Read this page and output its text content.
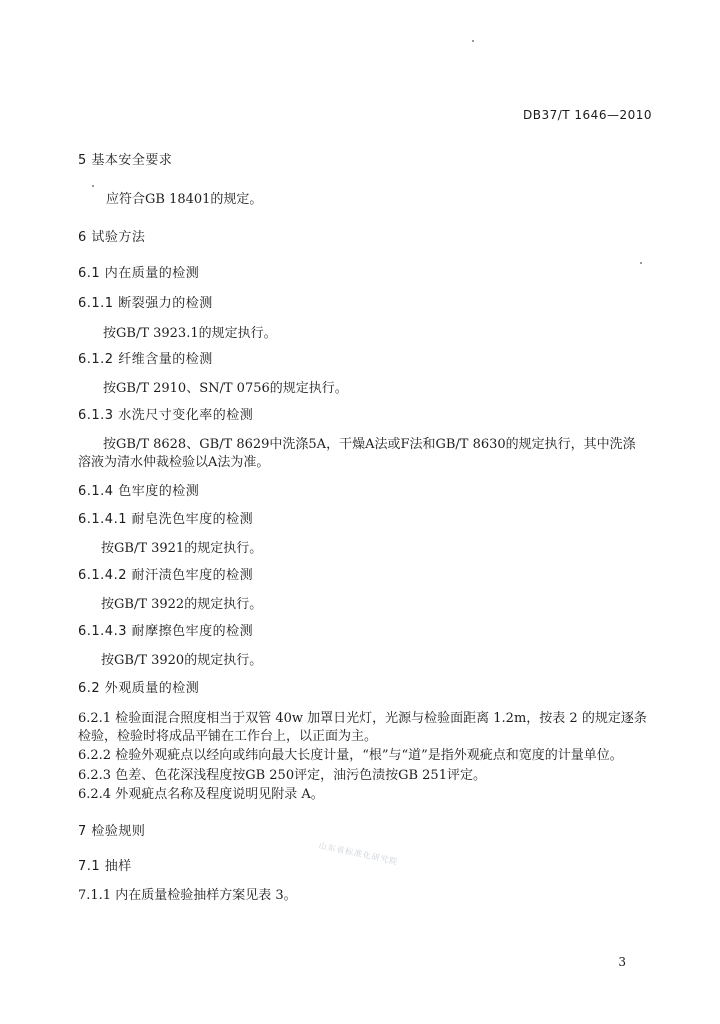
DB37/T 1646—2010
5 基本安全要求
应符合GB 18401的规定。
6 试验方法
6.1 内在质量的检测
6.1.1 断裂强力的检测
按GB/T 3923.1的规定执行。
6.1.2 纤维含量的检测
按GB/T 2910、SN/T 0756的规定执行。
6.1.3 水洗尺寸变化率的检测
按GB/T 8628、GB/T 8629中洗涤5A，干燥A法或F法和GB/T 8630的规定执行，其中洗涤溶液为清水仲裁检验以A法为准。
6.1.4 色牢度的检测
6.1.4.1 耐皂洗色牢度的检测
按GB/T 3921的规定执行。
6.1.4.2 耐汗渍色牢度的检测
按GB/T 3922的规定执行。
6.1.4.3 耐摩擦色牢度的检测
按GB/T 3920的规定执行。
6.2 外观质量的检测
6.2.1 检验面混合照度相当于双管 40w 加罩日光灯，光源与检验面距离 1.2m，按表 2 的规定逐条检验，检验时将成品平铺在工作台上，以正面为主。
6.2.2 检验外观疵点以经向或纬向最大长度计量，“根”与“道”是指外观疵点和宽度的计量单位。
6.2.3 色差、色花深浅程度按GB 250评定，油污色渍按GB 251评定。
6.2.4 外观疵点名称及程度说明见附录 A。
7 检验规则
7.1 抽样
7.1.1 内在质量检验抽样方案见表 3。
山东省标准化研究院
3
